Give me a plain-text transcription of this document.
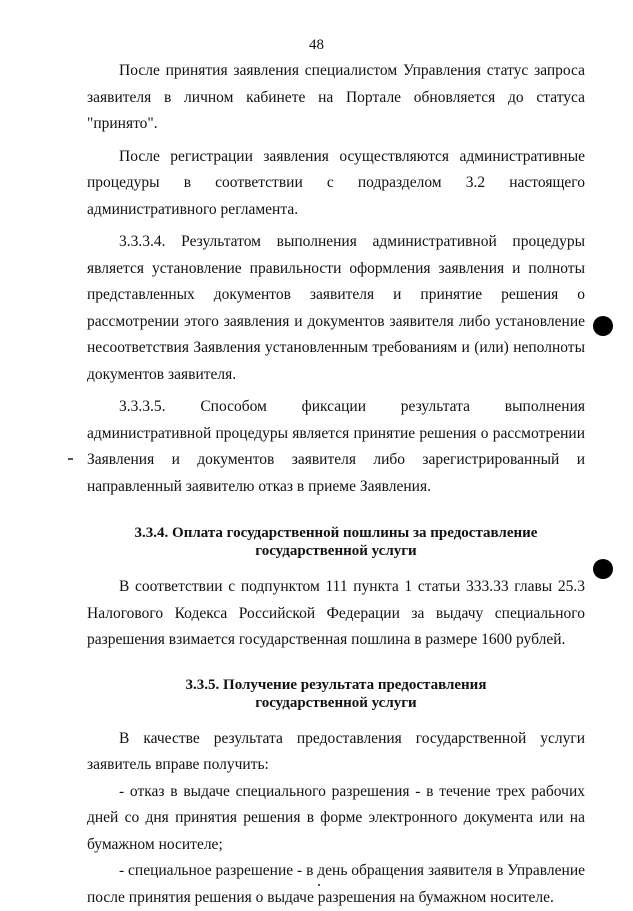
48

После принятия заявления специалистом Управления статус запроса заявителя в личном кабинете на Портале обновляется до статуса "принято".

После регистрации заявления осуществляются административные процедуры в соответствии с подразделом 3.2 настоящего административного регламента.

3.3.3.4. Результатом выполнения административной процедуры является установление правильности оформления заявления и полноты представленных документов заявителя и принятие решения о рассмотрении этого заявления и документов заявителя либо установление несоответствия Заявления установленным требованиям и (или) неполноты документов заявителя.

3.3.3.5. Способом фиксации результата выполнения административной процедуры является принятие решения о рассмотрении Заявления и документов заявителя либо зарегистрированный и направленный заявителю отказ в приеме Заявления.

3.3.4. Оплата государственной пошлины за предоставление
государственной услуги

В соответствии с подпунктом 111 пункта 1 статьи 333.33 главы 25.3 Налогового Кодекса Российской Федерации за выдачу специального разрешения взимается государственная пошлина в размере 1600 рублей.

3.3.5. Получение результата предоставления
государственной услуги

В качестве результата предоставления государственной услуги заявитель вправе получить:

- отказ в выдаче специального разрешения - в течение трех рабочих дней со дня принятия решения в форме электронного документа или на бумажном носителе;

- специальное разрешение - в день обращения заявителя в Управление после принятия решения о выдаче разрешения на бумажном носителе.
